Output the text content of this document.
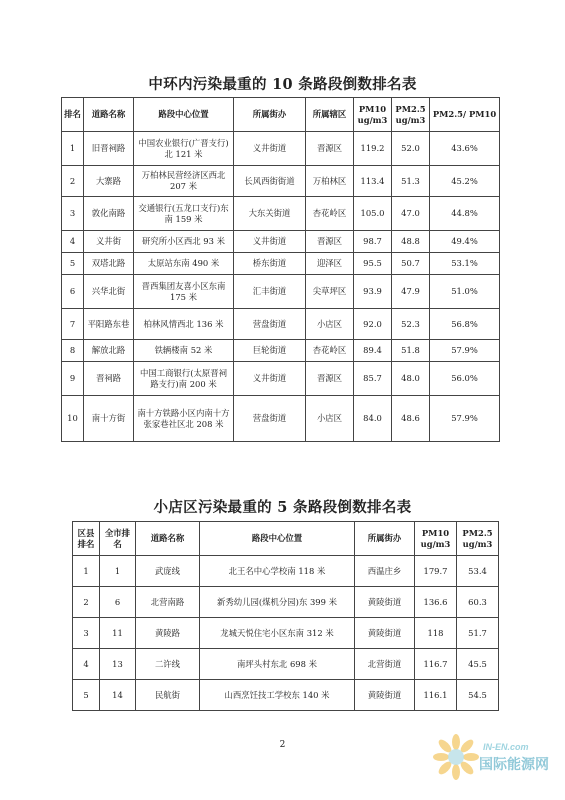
中环内污染最重的 10 条路段倒数排名表
排名	道路名称	路段中心位置	所属街办	所属辖区	PM10 ug/m3	PM2.5 ug/m3	PM2.5/ PM10
1	旧晋祠路	中国农业银行(广晋支行)北 121 米	义井街道	晋源区	119.2	52.0	43.6%
2	大寨路	万柏林民营经济区西北 207 米	长风西街街道	万柏林区	113.4	51.3	45.2%
3	敦化南路	交通银行(五龙口支行)东南 159 米	大东关街道	杏花岭区	105.0	47.0	44.8%
4	义井街	研究所小区西北 93 米	义井街道	晋源区	98.7	48.8	49.4%
5	双塔北路	太原站东南 490 米	桥东街道	迎泽区	95.5	50.7	53.1%
6	兴华北街	晋西集团友喜小区东南 175 米	汇丰街道	尖草坪区	93.9	47.9	51.0%
7	平阳路东巷	柏林风情西北 136 米	营盘街道	小店区	92.0	52.3	56.8%
8	解放北路	铁辆楼南 52 米	巨轮街道	杏花岭区	89.4	51.8	57.9%
9	晋祠路	中国工商银行(太原晋祠路支行)南 200 米	义井街道	晋源区	85.7	48.0	56.0%
10	南十方街	南十方铁路小区内南十方张家巷社区北 208 米	营盘街道	小店区	84.0	48.6	57.9%
小店区污染最重的 5 条路段倒数排名表
区县排名	全市排名	道路名称	路段中心位置	所属街办	PM10 ug/m3	PM2.5 ug/m3
1	1	武庞线	北王名中心学校南 118 米	西温庄乡	179.7	53.4
2	6	北营南路	新秀幼儿园(煤机分园)东 399 米	黄陵街道	136.6	60.3
3	11	黄陵路	龙城天悦住宅小区东南 312 米	黄陵街道	118	51.7
4	13	二许线	南坪头村东北 698 米	北营街道	116.7	45.5
5	14	民航街	山西烹饪技工学校东 140 米	黄陵街道	116.1	54.5
2	IN-EN.com
国际能源网
